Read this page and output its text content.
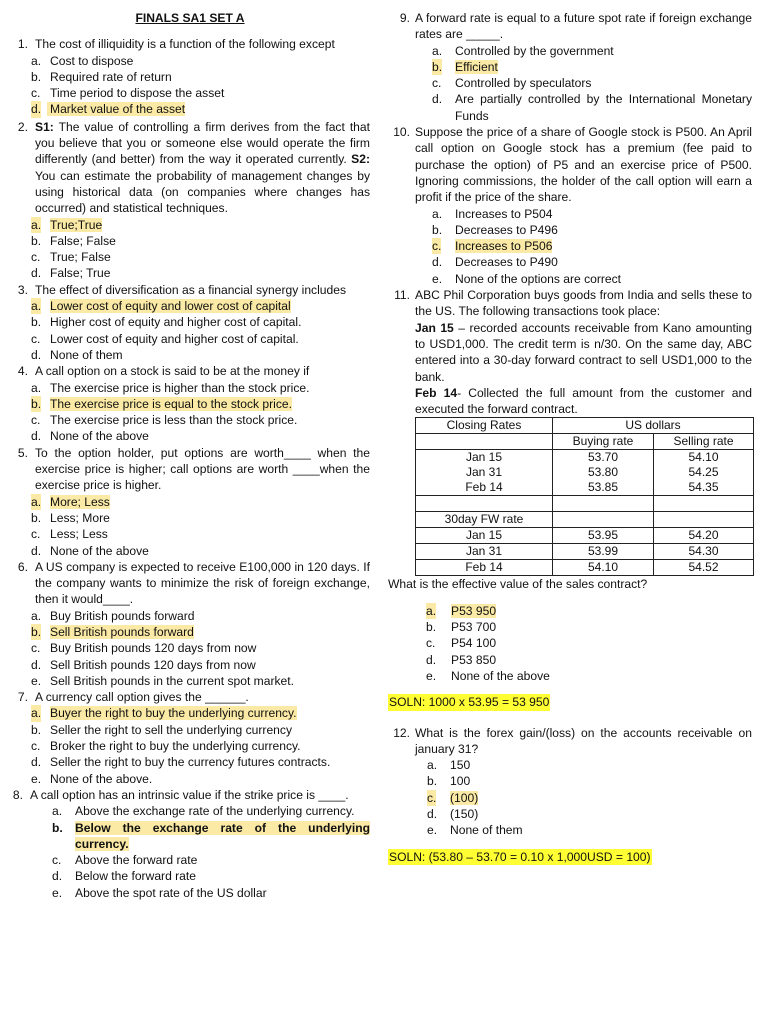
FINALS SA1 SET A
1. The cost of illiquidity is a function of the following except
a. Cost to dispose
b. Required rate of return
c. Time period to dispose the asset
d. Market value of the asset
2. S1: The value of controlling a firm derives from the fact that you believe that you or someone else would operate the firm differently (and better) from the way it operated currently. S2: You can estimate the probability of management changes by using historical data (on companies where changes has occurred) and statistical techniques.
a. True;True
b. False; False
c. True; False
d. False; True
3. The effect of diversification as a financial synergy includes
a. Lower cost of equity and lower cost of capital
b. Higher cost of equity and higher cost of capital.
c. Lower cost of equity and higher cost of capital.
d. None of them
4. A call option on a stock is said to be at the money if
a. The exercise price is higher than the stock price.
b. The exercise price is equal to the stock price.
c. The exercise price is less than the stock price.
d. None of the above
5. To the option holder, put options are worth____ when the exercise price is higher; call options are worth ____when the exercise price is higher.
a. More; Less
b. Less; More
c. Less; Less
d. None of the above
6. A US company is expected to receive E100,000 in 120 days. If the company wants to minimize the risk of foreign exchange, then it would____.
a. Buy British pounds forward
b. Sell British pounds forward
c. Buy British pounds 120 days from now
d. Sell British pounds 120 days from now
e. Sell British pounds in the current spot market.
7. A currency call option gives the ______.
a. Buyer the right to buy the underlying currency.
b. Seller the right to sell the underlying currency
c. Broker the right to buy the underlying currency.
d. Seller the right to buy the currency futures contracts.
e. None of the above.
8. A call option has an intrinsic value if the strike price is ____.
a. Above the exchange rate of the underlying currency.
b. Below the exchange rate of the underlying currency.
c. Above the forward rate
d. Below the forward rate
e. Above the spot rate of the US dollar
9. A forward rate is equal to a future spot rate if foreign exchange rates are _____.
a. Controlled by the government
b. Efficient
c. Controlled by speculators
d. Are partially controlled by the International Monetary Funds
10. Suppose the price of a share of Google stock is P500. An April call option on Google stock has a premium (fee paid to purchase the option) of P5 and an exercise price of P500. Ignoring commissions, the holder of the call option will earn a profit if the price of the share.
a. Increases to P504
b. Decreases to P496
c. Increases to P506
d. Decreases to P490
e. None of the options are correct
11. ABC Phil Corporation buys goods from India and sells these to the US. The following transactions took place:
Jan 15 – recorded accounts receivable from Kano amounting to USD1,000. The credit term is n/30. On the same day, ABC entered into a 30-day forward contract to sell USD1,000 to the bank.
Feb 14- Collected the full amount from the customer and executed the forward contract.
Closing Rates	US dollars	
	Buying rate	Selling rate
Jan 15	53.70	54.10
Jan 31	53.80	54.25
Feb 14	53.85	54.35

30day FW rate		
Jan 15	53.95	54.20
Jan 31	53.99	54.30
Feb 14	54.10	54.52
What is the effective value of the sales contract?
a. P53 950
b. P53 700
c. P54 100
d. P53 850
e. None of the above
SOLN: 1000 x 53.95 = 53 950
12. What is the forex gain/(loss) on the accounts receivable on january 31?
a. 150
b. 100
c. (100)
d. (150)
e. None of them
SOLN: (53.80 – 53.70 = 0.10 x 1,000USD = 100)
